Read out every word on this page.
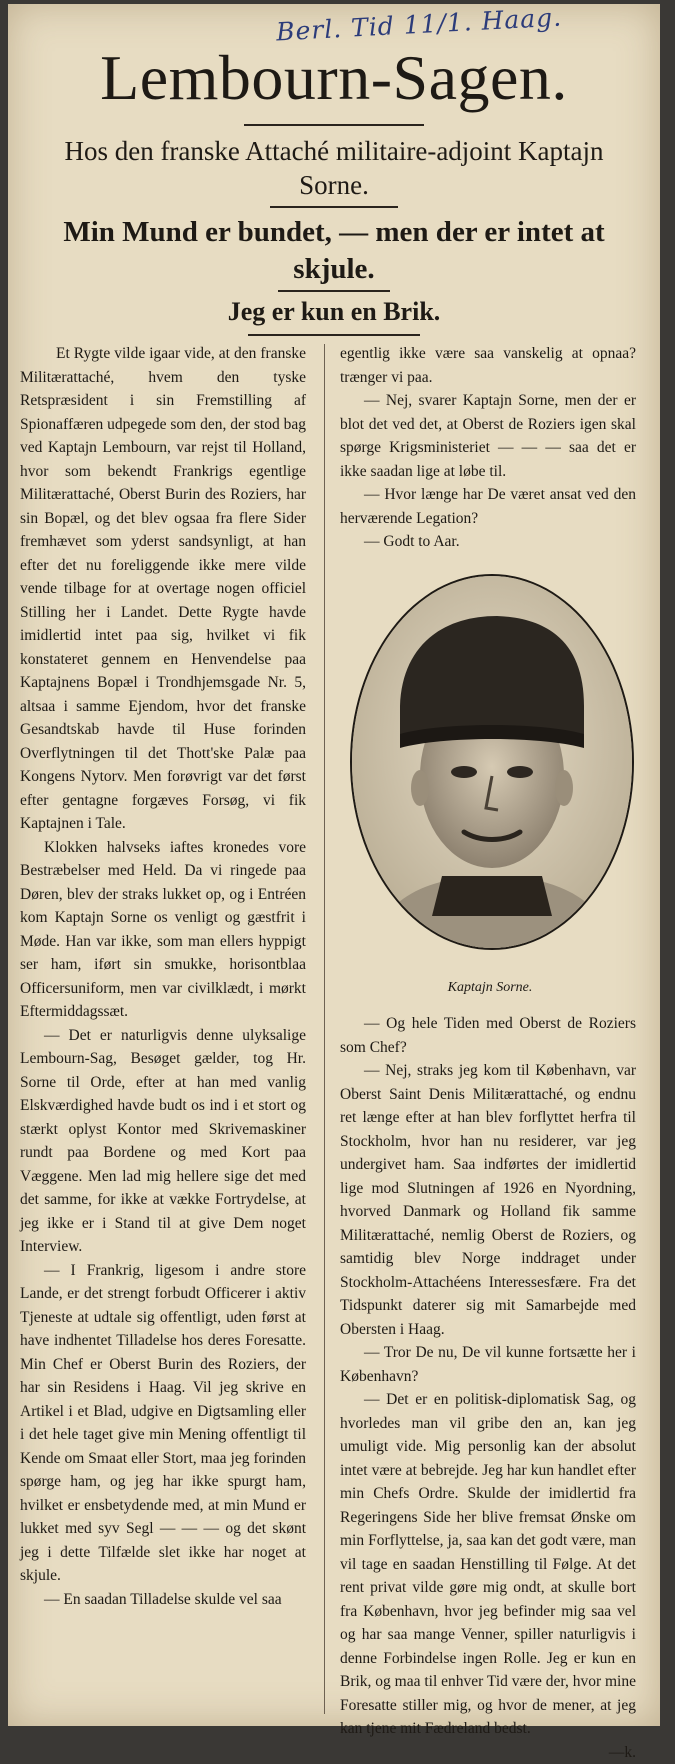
Berl. Tid 11/1. Haag.
Lembourn-Sagen.
Hos den franske Attaché militaire-adjoint Kaptajn Sorne.
Min Mund er bundet, — men der er intet at skjule.
Jeg er kun en Brik.

Et Rygte vilde igaar vide, at den franske Militærattaché, hvem den tyske Retspræsident i sin Fremstilling af Spionaffæren udpegede som den, der stod bag ved Kaptajn Lembourn, var rejst til Holland, hvor som bekendt Frankrigs egentlige Militærattaché, Oberst Burin des Roziers, har sin Bopæl, og det blev ogsaa fra flere Sider fremhævet som yderst sandsynligt, at han efter det nu foreliggende ikke mere vilde vende tilbage for at overtage nogen officiel Stilling her i Landet. Dette Rygte havde imidlertid intet paa sig, hvilket vi fik konstateret gennem en Henvendelse paa Kaptajnens Bopæl i Trondhjemsgade Nr. 5, altsaa i samme Ejendom, hvor det franske Gesandtskab havde til Huse forinden Overflytningen til det Thott'ske Palæ paa Kongens Nytorv. Men forøvrigt var det først efter gentagne forgæves Forsøg, vi fik Kaptajnen i Tale.

Klokken halvseks iaftes kronedes vore Bestræbelser med Held. Da vi ringede paa Døren, blev der straks lukket op, og i Entréen kom Kaptajn Sorne os venligt og gæstfrit i Møde. Han var ikke, som man ellers hyppigt ser ham, iført sin smukke, horisontblaa Officersuniform, men var civilklædt, i mørkt Eftermiddagssæt.

— Det er naturligvis denne ulyksalige Lembourn-Sag, Besøget gælder, tog Hr. Sorne til Orde, efter at han med vanlig Elskværdighed havde budt os ind i et stort og stærkt oplyst Kontor med Skrivemaskiner rundt paa Bordene og med Kort paa Væggene. Men lad mig hellere sige det med det samme, for ikke at vække Fortrydelse, at jeg ikke er i Stand til at give Dem noget Interview.

— I Frankrig, ligesom i andre store Lande, er det strengt forbudt Officerer i aktiv Tjeneste at udtale sig offentligt, uden først at have indhentet Tilladelse hos deres Foresatte. Min Chef er Oberst Burin des Roziers, der har sin Residens i Haag. Vil jeg skrive en Artikel i et Blad, udgive en Digtsamling eller i det hele taget give min Mening offentligt til Kende om Smaat eller Stort, maa jeg forinden spørge ham, og jeg har ikke spurgt ham, hvilket er ensbetydende med, at min Mund er lukket med syv Segl — — — og det skønt jeg i dette Tilfælde slet ikke har noget at skjule.

— En saadan Tilladelse skulde vel saa

egentlig ikke være saa vanskelig at opnaa? trænger vi paa.

— Nej, svarer Kaptajn Sorne, men der er blot det ved det, at Oberst de Roziers igen skal spørge Krigsministeriet — — — saa det er ikke saadan lige at løbe til.

— Hvor længe har De været ansat ved den herværende Legation?

— Godt to Aar.

Kaptajn Sorne.

— Og hele Tiden med Oberst de Roziers som Chef?

— Nej, straks jeg kom til København, var Oberst Saint Denis Militærattaché, og endnu ret længe efter at han blev forflyttet herfra til Stockholm, hvor han nu residerer, var jeg undergivet ham. Saa indførtes der imidlertid lige mod Slutningen af 1926 en Nyordning, hvorved Danmark og Holland fik samme Militærattaché, nemlig Oberst de Roziers, og samtidig blev Norge inddraget under Stockholm-Attachéens Interessesfære. Fra det Tidspunkt daterer sig mit Samarbejde med Obersten i Haag.

— Tror De nu, De vil kunne fortsætte her i København?

— Det er en politisk-diplomatisk Sag, og hvorledes man vil gribe den an, kan jeg umuligt vide. Mig personlig kan der absolut intet være at bebrejde. Jeg har kun handlet efter min Chefs Ordre. Skulde der imidlertid fra Regeringens Side her blive fremsat Ønske om min Forflyttelse, ja, saa kan det godt være, man vil tage en saadan Henstilling til Følge. At det rent privat vilde gøre mig ondt, at skulle bort fra København, hvor jeg befinder mig saa vel og har saa mange Venner, spiller naturligvis i denne Forbindelse ingen Rolle. Jeg er kun en Brik, og maa til enhver Tid være der, hvor mine Foresatte stiller mig, og hvor de mener, at jeg kan tjene mit Fædreland bedst.

—k.
